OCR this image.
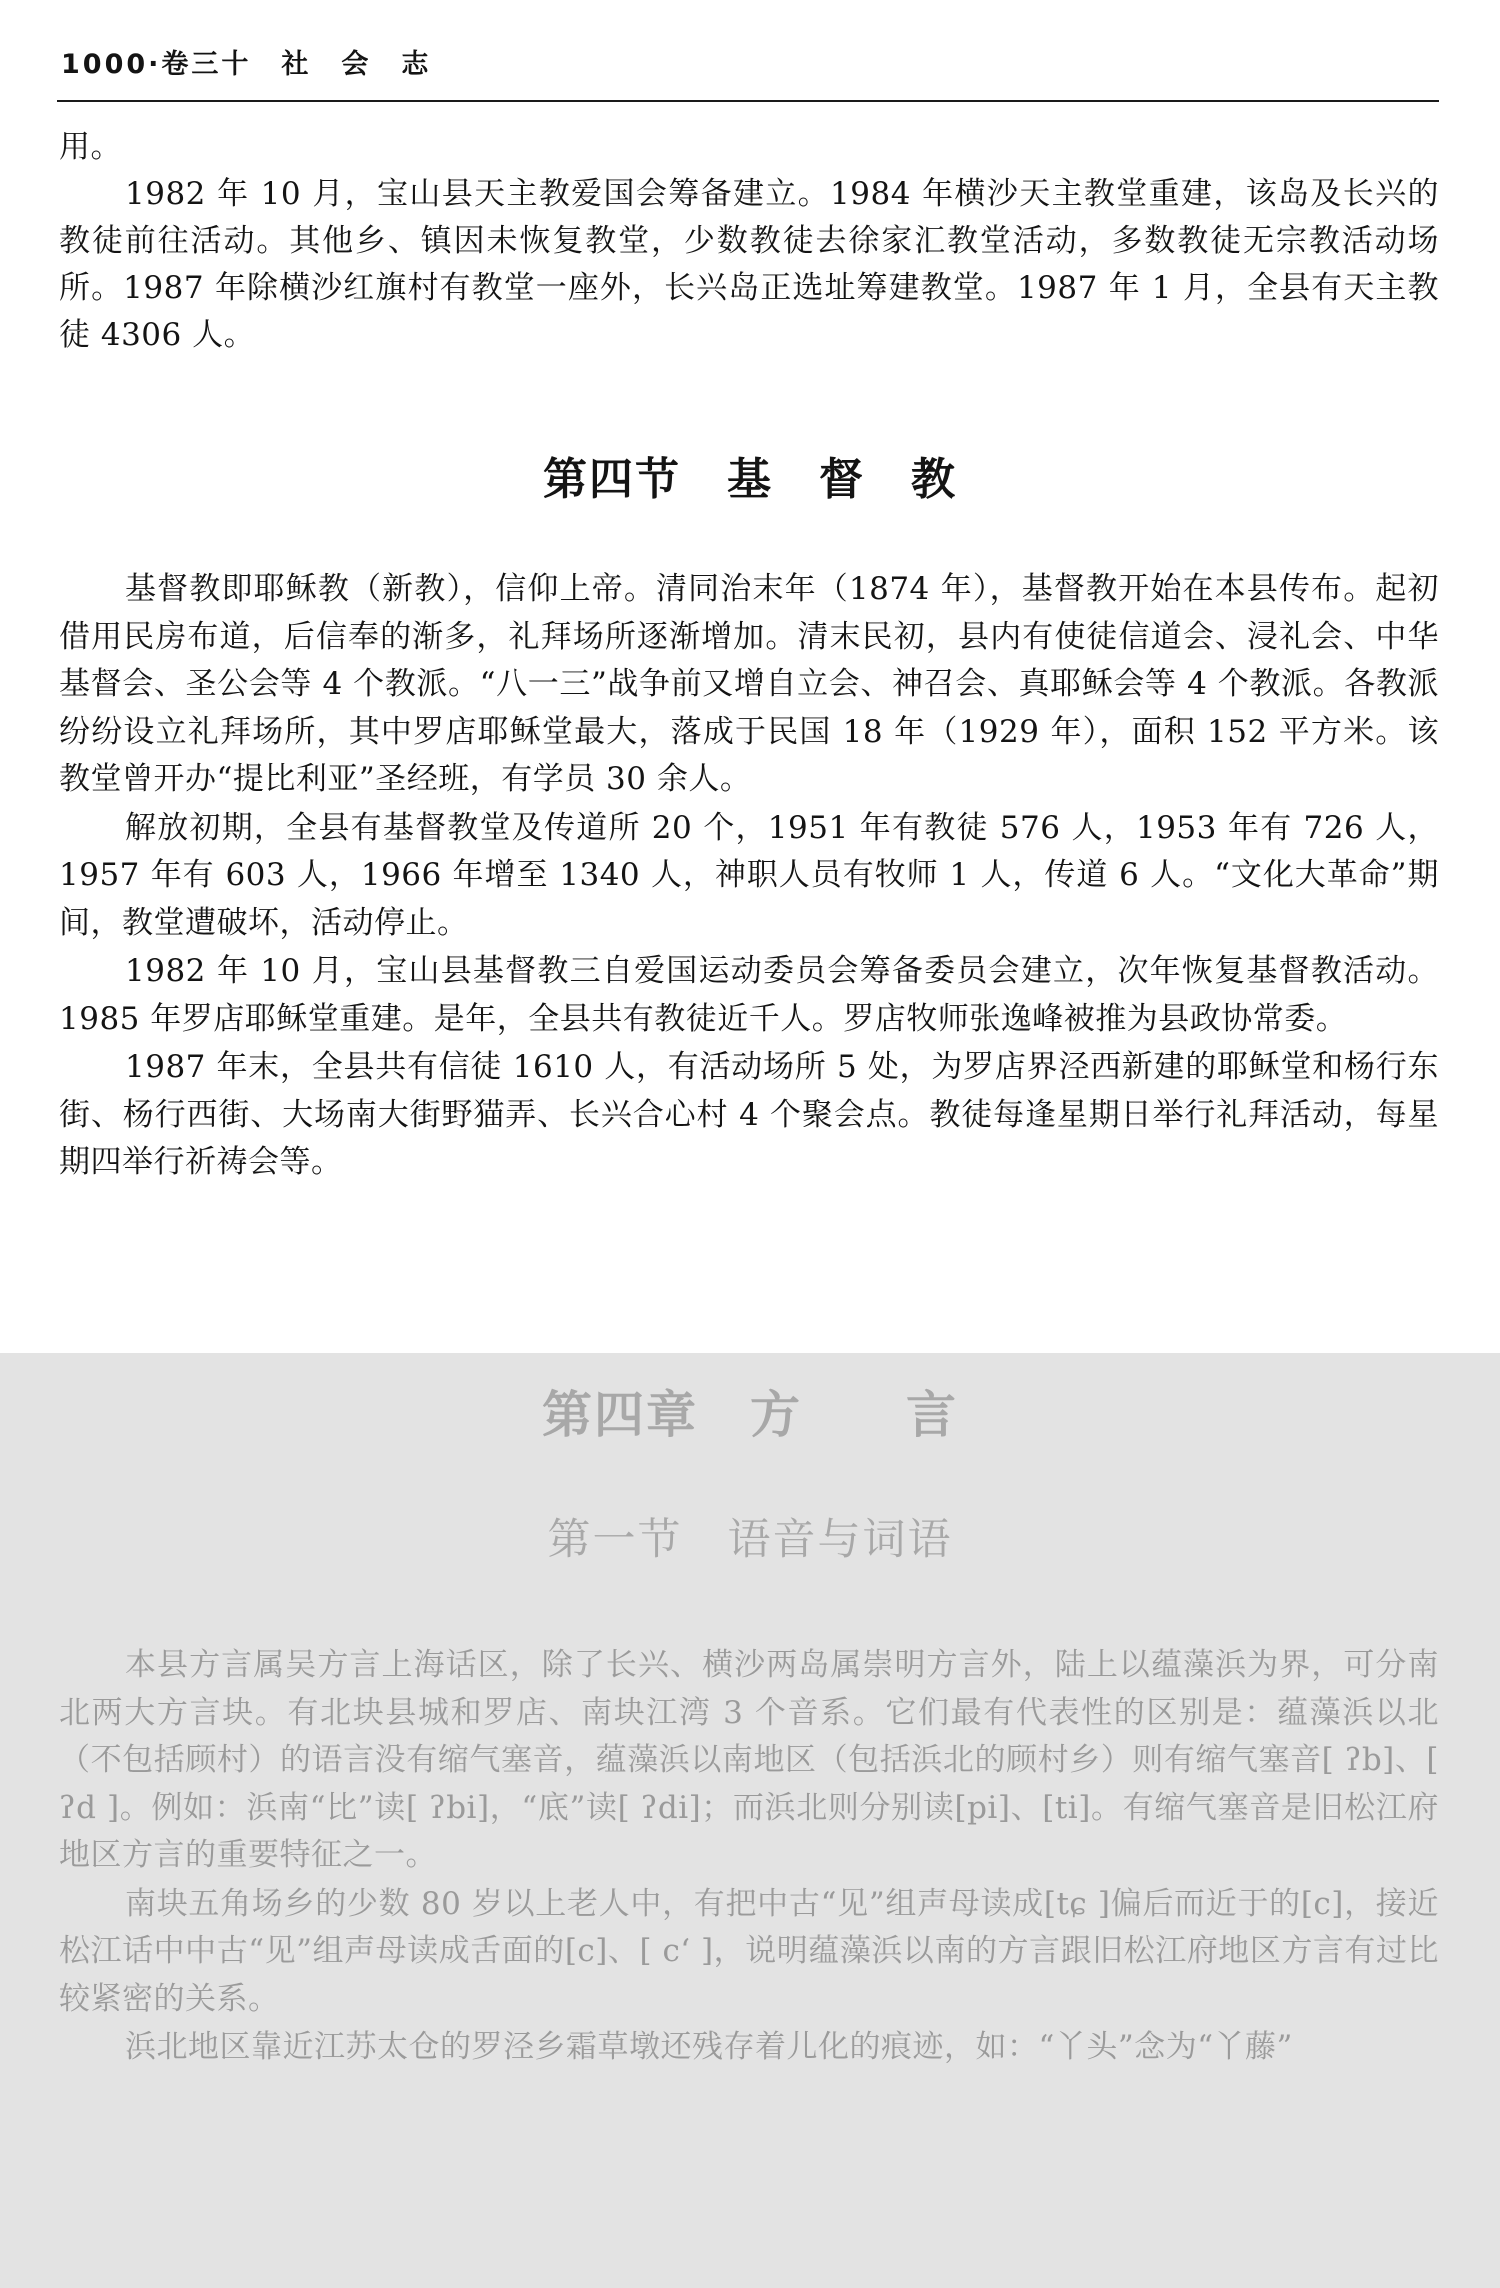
1000·卷三十　社　会　志

用。

1982 年 10 月，宝山县天主教爱国会筹备建立。1984 年横沙天主教堂重建，该岛及长兴的教徒前往活动。其他乡、镇因未恢复教堂，少数教徒去徐家汇教堂活动，多数教徒无宗教活动场所。1987 年除横沙红旗村有教堂一座外，长兴岛正选址筹建教堂。1987 年 1 月，全县有天主教徒 4306 人。

第四节　基　督　教

基督教即耶稣教（新教），信仰上帝。清同治末年（1874 年），基督教开始在本县传布。起初借用民房布道，后信奉的渐多，礼拜场所逐渐增加。清末民初，县内有使徒信道会、浸礼会、中华基督会、圣公会等 4 个教派。“八一三”战争前又增自立会、神召会、真耶稣会等 4 个教派。各教派纷纷设立礼拜场所，其中罗店耶稣堂最大，落成于民国 18 年（1929 年），面积 152 平方米。该教堂曾开办“提比利亚”圣经班，有学员 30 余人。

解放初期，全县有基督教堂及传道所 20 个，1951 年有教徒 576 人，1953 年有 726 人，1957 年有 603 人，1966 年增至 1340 人，神职人员有牧师 1 人，传道 6 人。“文化大革命”期间，教堂遭破坏，活动停止。

1982 年 10 月，宝山县基督教三自爱国运动委员会筹备委员会建立，次年恢复基督教活动。1985 年罗店耶稣堂重建。是年，全县共有教徒近千人。罗店牧师张逸峰被推为县政协常委。

1987 年末，全县共有信徒 1610 人，有活动场所 5 处，为罗店界泾西新建的耶稣堂和杨行东街、杨行西街、大场南大街野猫弄、长兴合心村 4 个聚会点。教徒每逢星期日举行礼拜活动，每星期四举行祈祷会等。

第四章　方　　言
第一节　语音与词语

本县方言属吴方言上海话区，除了长兴、横沙两岛属崇明方言外，陆上以蕴藻浜为界，可分南北两大方言块。有北块县城和罗店、南块江湾 3 个音系。它们最有代表性的区别是：蕴藻浜以北（不包括顾村）的语言没有缩气塞音，蕴藻浜以南地区（包括浜北的顾村乡）则有缩气塞音[ ʔb]、[ ʔd ]。例如：浜南“比”读[ ʔbi]，“底”读[ ʔdi]；而浜北则分别读[pi]、[ti]。有缩气塞音是旧松江府地区方言的重要特征之一。

南块五角场乡的少数 80 岁以上老人中，有把中古“见”组声母读成[tɕ ]偏后而近于的[c]，接近松江话中中古“见”组声母读成舌面的[c]、[ cʻ ]，说明蕴藻浜以南的方言跟旧松江府地区方言有过比较紧密的关系。

浜北地区靠近江苏太仓的罗泾乡霜草墩还残存着儿化的痕迹，如：“丫头”念为“丫藤”
